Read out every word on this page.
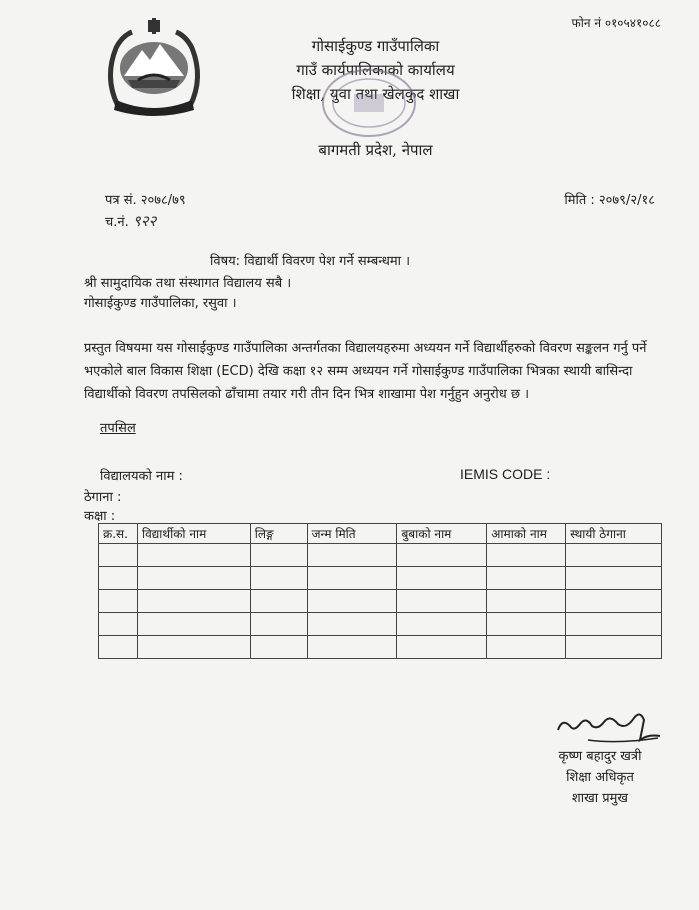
फोन नं ०१०५४१०८८
गोसाईकुण्ड गाउँपालिका
गाउँ कार्यपालिकाको कार्यालय
शिक्षा, युवा तथा खेलकुद शाखा
बागमती प्रदेश, नेपाल
पत्र सं. २०७८/७९
च.नं. ९२२
मिति : २०७९/२/१८
विषय: विद्यार्थी विवरण पेश गर्ने सम्बन्धमा ।
श्री सामुदायिक तथा संस्थागत विद्यालय सबै ।
गोसाईकुण्ड गाउँपालिका, रसुवा ।
प्रस्तुत विषयमा यस गोसाईकुण्ड गाउँपालिका अन्तर्गतका विद्यालयहरुमा अध्ययन गर्ने विद्यार्थीहरुको विवरण सङ्कलन गर्नु पर्ने भएकोले बाल विकास शिक्षा (ECD) देखि कक्षा १२ सम्म अध्ययन गर्ने गोसाईकुण्ड गाउँपालिका भित्रका स्थायी बासिन्दा विद्यार्थीको विवरण तपसिलको ढाँचामा तयार गरी तीन दिन भित्र शाखामा पेश गर्नुहुन अनुरोध छ ।
तपसिल
विद्यालयको नाम :	IEMIS CODE :
ठेगाना :
कक्षा :
क्र.स.	विद्यार्थीको नाम	लिङ्ग	जन्म मिति	बुबाको नाम	आमाको नाम	स्थायी ठेगाना

कृष्ण बहादुर खत्री
शिक्षा अधिकृत
शाखा प्रमुख
